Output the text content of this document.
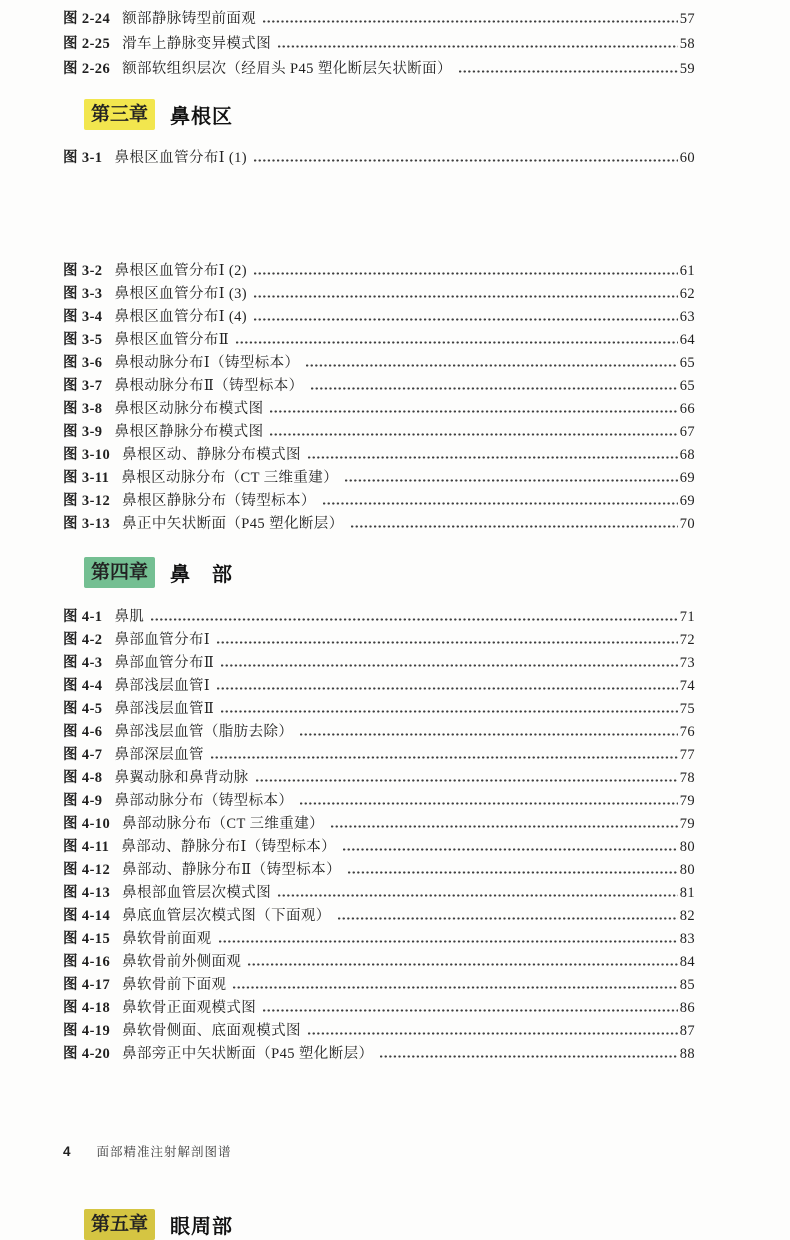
图 2-24 额部静脉铸型前面观	57
图 2-25 滑车上静脉变异模式图	58
图 2-26 额部软组织层次（经眉头 P45 塑化断层矢状断面）	59
第三章	鼻根区
图 3-1 鼻根区血管分布Ⅰ (1)	60
图 3-2 鼻根区血管分布Ⅰ (2)	61
图 3-3 鼻根区血管分布Ⅰ (3)	62
图 3-4 鼻根区血管分布Ⅰ (4)	63
图 3-5 鼻根区血管分布Ⅱ	64
图 3-6 鼻根动脉分布Ⅰ（铸型标本）	65
图 3-7 鼻根动脉分布Ⅱ（铸型标本）	65
图 3-8 鼻根区动脉分布模式图	66
图 3-9 鼻根区静脉分布模式图	67
图 3-10 鼻根区动、静脉分布模式图	68
图 3-11 鼻根区动脉分布（CT 三维重建）	69
图 3-12 鼻根区静脉分布（铸型标本）	69
图 3-13 鼻正中矢状断面（P45 塑化断层）	70
第四章	鼻　部
图 4-1 鼻肌	71
图 4-2 鼻部血管分布Ⅰ	72
图 4-3 鼻部血管分布Ⅱ	73
图 4-4 鼻部浅层血管Ⅰ	74
图 4-5 鼻部浅层血管Ⅱ	75
图 4-6 鼻部浅层血管（脂肪去除）	76
图 4-7 鼻部深层血管	77
图 4-8 鼻翼动脉和鼻背动脉	78
图 4-9 鼻部动脉分布（铸型标本）	79
图 4-10 鼻部动脉分布（CT 三维重建）	79
图 4-11 鼻部动、静脉分布Ⅰ（铸型标本）	80
图 4-12 鼻部动、静脉分布Ⅱ（铸型标本）	80
图 4-13 鼻根部血管层次模式图	81
图 4-14 鼻底血管层次模式图（下面观）	82
图 4-15 鼻软骨前面观	83
图 4-16 鼻软骨前外侧面观	84
图 4-17 鼻软骨前下面观	85
图 4-18 鼻软骨正面观模式图	86
图 4-19 鼻软骨侧面、底面观模式图	87
图 4-20 鼻部旁正中矢状断面（P45 塑化断层）	88
4 面部精准注射解剖图谱
第五章	眼周部
